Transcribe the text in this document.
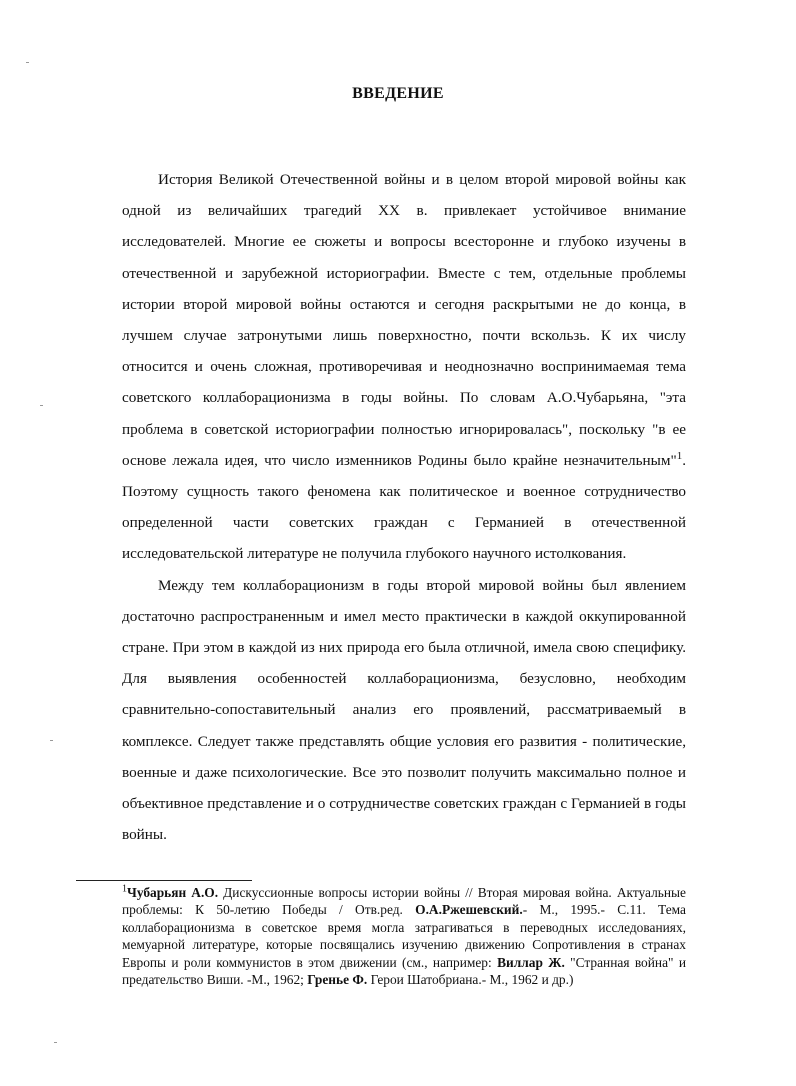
ВВЕДЕНИЕ

История Великой Отечественной войны и в целом второй мировой войны как одной из величайших трагедий XX в. привлекает устойчивое внимание исследователей. Многие ее сюжеты и вопросы всесторонне и глубоко изучены в отечественной и зарубежной историографии. Вместе с тем, отдельные проблемы истории второй мировой войны остаются и сегодня раскрытыми не до конца, в лучшем случае затронутыми лишь поверхностно, почти вскользь. К их числу относится и очень сложная, противоречивая и неоднозначно воспринимаемая тема советского коллаборационизма в годы войны. По словам А.О.Чубарьяна, "эта проблема в советской историографии полностью игнорировалась", поскольку "в ее основе лежала идея, что число изменников Родины было крайне незначительным"$^1$. Поэтому сущность такого феномена как политическое и военное сотрудничество определенной части советских граждан с Германией в отечественной исследовательской литературе не получила глубокого научного истолкования.

Между тем коллаборационизм в годы второй мировой войны был явлением достаточно распространенным и имел место практически в каждой оккупированной стране. При этом в каждой из них природа его была отличной, имела свою специфику. Для выявления особенностей коллаборационизма, безусловно, необходим сравнительно-сопоставительный анализ его проявлений, рассматриваемый в комплексе. Следует также представлять общие условия его развития - политические, военные и даже психологические. Все это позволит получить максимально полное и объективное представление и о сотрудничестве советских граждан с Германией в годы войны.

$^1$Чубарьян А.О. Дискуссионные вопросы истории войны // Вторая мировая война. Актуальные проблемы: К 50-летию Победы / Отв.ред. О.А.Ржешевский.- М., 1995.- С.11. Тема коллаборационизма в советское время могла затрагиваться в переводных исследованиях, мемуарной литературе, которые посвящались изучению движению Сопротивления в странах Европы и роли коммунистов в этом движении (см., например: Виллар Ж. "Странная война" и предательство Виши. -М., 1962; Гренье Ф. Герои Шатобриана.- М., 1962 и др.)
